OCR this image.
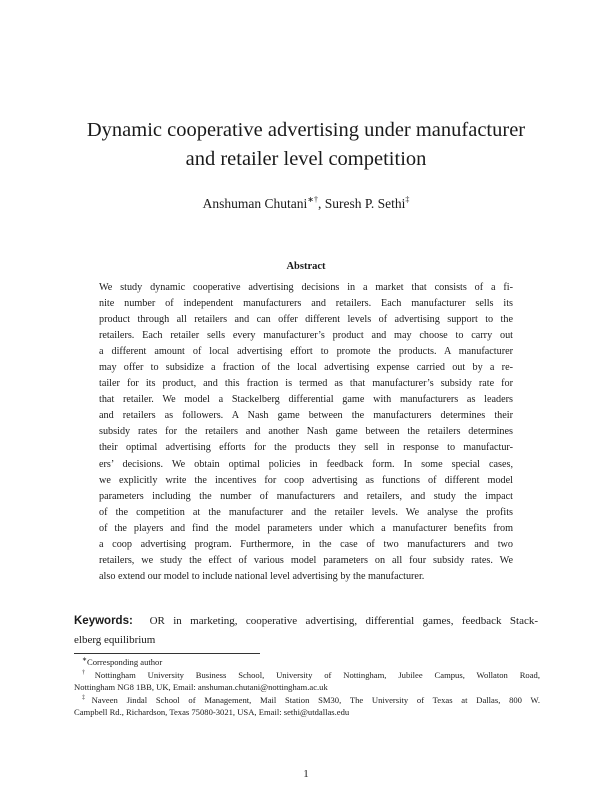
Dynamic cooperative advertising under manufacturer
and retailer level competition
Anshuman Chutani∗†, Suresh P. Sethi‡
Abstract
We study dynamic cooperative advertising decisions in a market that consists of a fi-
nite number of independent manufacturers and retailers. Each manufacturer sells its
product through all retailers and can offer different levels of advertising support to the
retailers. Each retailer sells every manufacturer’s product and may choose to carry out
a different amount of local advertising effort to promote the products. A manufacturer
may offer to subsidize a fraction of the local advertising expense carried out by a re-
tailer for its product, and this fraction is termed as that manufacturer’s subsidy rate for
that retailer. We model a Stackelberg differential game with manufacturers as leaders
and retailers as followers. A Nash game between the manufacturers determines their
subsidy rates for the retailers and another Nash game between the retailers determines
their optimal advertising efforts for the products they sell in response to manufactur-
ers’ decisions. We obtain optimal policies in feedback form. In some special cases,
we explicitly write the incentives for coop advertising as functions of different model
parameters including the number of manufacturers and retailers, and study the impact
of the competition at the manufacturer and the retailer levels. We analyse the profits
of the players and find the model parameters under which a manufacturer benefits from
a coop advertising program. Furthermore, in the case of two manufacturers and two
retailers, we study the effect of various model parameters on all four subsidy rates. We
also extend our model to include national level advertising by the manufacturer.
Keywords: OR in marketing, cooperative advertising, differential games, feedback Stack-
elberg equilibrium
∗Corresponding author
†Nottingham University Business School, University of Nottingham, Jubilee Campus, Wollaton Road,
Nottingham NG8 1BB, UK, Email: anshuman.chutani@nottingham.ac.uk
‡Naveen Jindal School of Management, Mail Station SM30, The University of Texas at Dallas, 800 W.
Campbell Rd., Richardson, Texas 75080-3021, USA, Email: sethi@utdallas.edu
1
